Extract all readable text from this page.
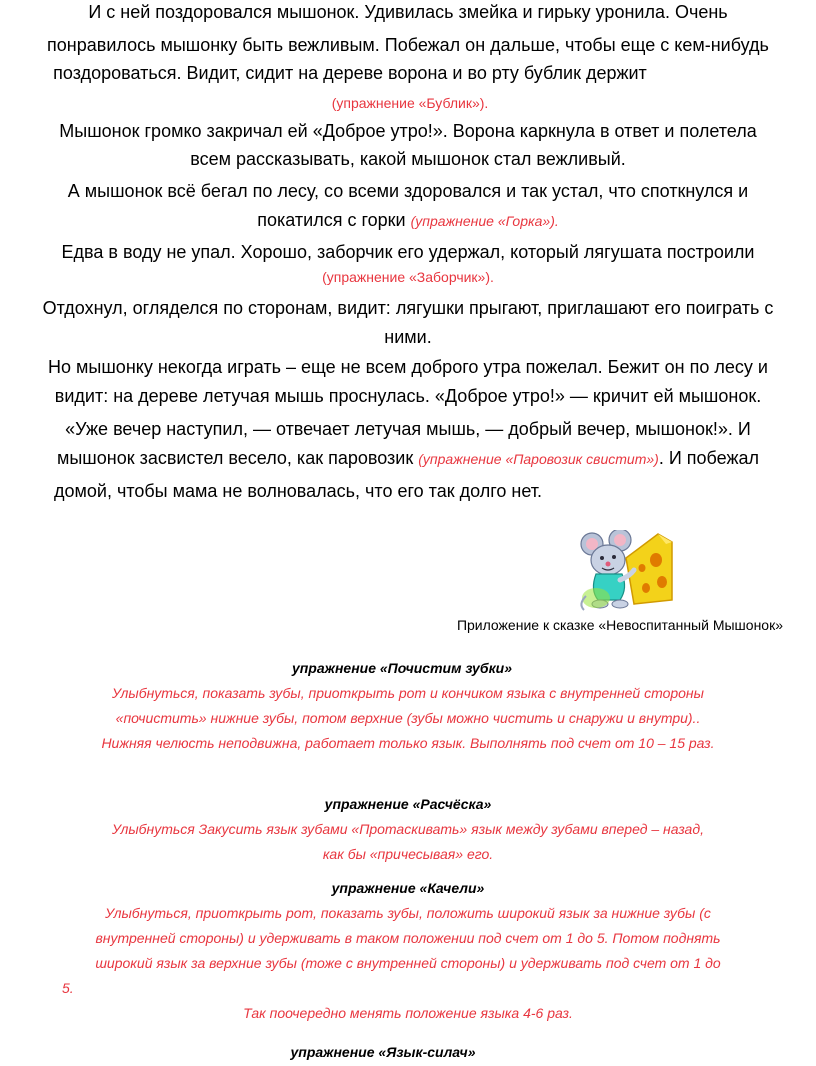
И с ней поздоровался мышонок. Удивилась змейка и гирьку уронила. Очень
понравилось мышонку быть вежливым. Побежал он дальше, чтобы еще с кем-нибудь
поздороваться. Видит, сидит на дереве ворона и во рту бублик держит
(упражнение «Бублик»).
Мышонок громко закричал ей «Доброе утро!». Ворона каркнула в ответ и полетела
всем рассказывать, какой мышонок стал вежливый.
А мышонок всё бегал по лесу, со всеми здоровался и так устал, что споткнулся и
покатился с горки (упражнение «Горка»).
Едва в воду не упал. Хорошо, заборчик его удержал, который лягушата построили
(упражнение «Заборчик»).
Отдохнул, огляделся по сторонам, видит: лягушки прыгают, приглашают его поиграть с
ними.
Но мышонку некогда играть – еще не всем доброго утра пожелал. Бежит он по лесу и
видит: на дереве летучая мышь проснулась. «Доброе утро!» — кричит ей мышонок.
«Уже вечер наступил, — отвечает летучая мышь, — добрый вечер, мышонок!». И
мышонок засвистел весело, как паровозик (упражнение «Паровозик свистит»). И побежал
домой, чтобы мама не волновалась, что его так долго нет.
Приложение к сказке «Невоспитанный Мышонок»
упражнение «Почистим зубки»
Улыбнуться, показать зубы, приоткрыть рот и кончиком языка с внутренней стороны
«почистить» нижние зубы, потом верхние (зубы можно чистить и снаружи и внутри)..
Нижняя челюсть неподвижна, работает только язык. Выполнять под счет от 10 – 15 раз.
упражнение «Расчёска»
Улыбнуться Закусить язык зубами «Протаскивать» язык между зубами вперед – назад,
как бы «причесывая» его.
упражнение «Качели»
Улыбнуться, приоткрыть рот, показать зубы, положить широкий язык за нижние зубы (с
внутренней стороны) и удерживать в таком положении под счет от 1 до 5. Потом поднять
широкий язык за верхние зубы (тоже с внутренней стороны) и удерживать под счет от 1 до
5.
Так поочередно менять положение языка 4-6 раз.
упражнение «Язык-силач»
